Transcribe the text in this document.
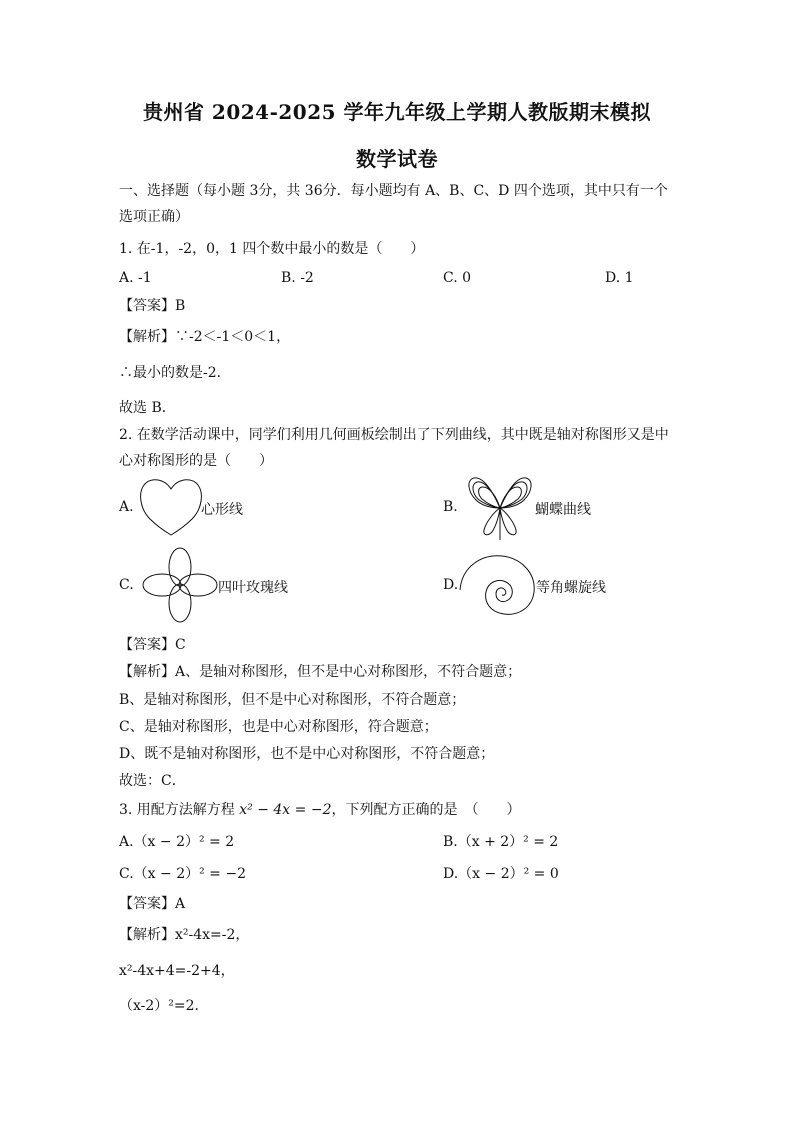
贵州省 2024-2025 学年九年级上学期人教版期末模拟
数学试卷
一、选择题（每小题 3分，共 36分．每小题均有 A、B、C、D 四个选项，其中只有一个
选项正确）
1. 在-1，-2，0，1 四个数中最小的数是（　　）
A. -1	B. -2	C. 0	D. 1
【答案】B
【解析】∵-2＜-1＜0＜1，
∴最小的数是-2．
故选 B．
2. 在数学活动课中，同学们利用几何画板绘制出了下列曲线，其中既是轴对称图形又是中
心对称图形的是（　　）
A.	心形线	B.	蝴蝶曲线
C.	四叶玫瑰线	D.	等角螺旋线
【答案】C
【解析】A、是轴对称图形，但不是中心对称图形，不符合题意；
B、是轴对称图形，但不是中心对称图形，不符合题意；
C、是轴对称图形，也是中心对称图形，符合题意；
D、既不是轴对称图形，也不是中心对称图形，不符合题意；
故选：C．
3. 用配方法解方程 x² − 4x = −2，下列配方正确的是　（　　）
A.（x − 2）² = 2	B.（x + 2）² = 2
C.（x − 2）² = −2	D.（x − 2）² = 0
【答案】A
【解析】x²-4x=-2，
x²-4x+4=-2+4，
（x-2）²=2．
